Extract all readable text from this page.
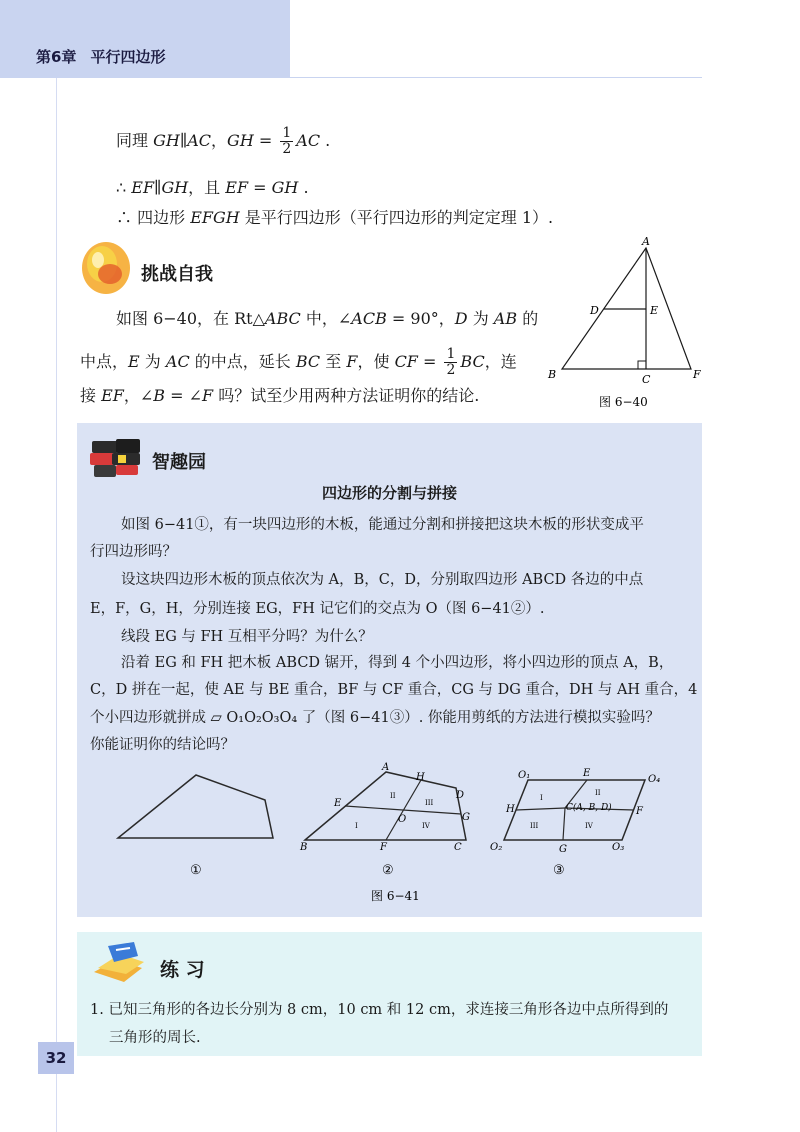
第6章 平行四边形
同理 GH∥AC，GH = $\frac{1}{2}$ AC .
∴ EF∥GH，且 EF = GH .
∴ 四边形 EFGH 是平行四边形（平行四边形的判定定理 1）.
挑战自我
如图 6−40，在 Rt△ABC 中，∠ACB = 90°，D 为 AB 的
中点，E 为 AC 的中点，延长 BC 至 F，使 CF = $\frac{1}{2}$ BC，连
接 EF，∠B = ∠F 吗？试至少用两种方法证明你的结论.
A
B	C
D	E
F
图 6−40
智趣园
四边形的分割与拼接
如图 6−41①，有一块四边形的木板，能通过分割和拼接把这块木板的形状变成平
行四边形吗？
设这块四边形木板的顶点依次为 A，B，C，D，分别取四边形 ABCD 各边的中点
E，F，G，H，分别连接 EG，FH 记它们的交点为 O（图 6−41②）.
线段 EG 与 FH 互相平分吗？为什么？
沿着 EG 和 FH 把木板 ABCD 锯开，得到 4 个小四边形，将小四边形的顶点 A，B，
C，D 拼在一起，使 AE 与 BE 重合，BF 与 CF 重合，CG 与 DG 重合，DH 与 AH 重合，4
个小四边形就拼成 ▱ O₁O₂O₃O₄ 了（图 6−41③）. 你能用剪纸的方法进行模拟实验吗？
你能证明你的结论吗？
①
A
B	C
D
E
F
G
H
O
I
II
III
IV
②
O₁	O₄
O₂	O₃
E
F
G
H	C(A, B, D)
I
II
III	IV
③
图 6−41
练 习
1. 已知三角形的各边长分别为 8 cm，10 cm 和 12 cm，求连接三角形各边中点所得到的
三角形的周长.
32
